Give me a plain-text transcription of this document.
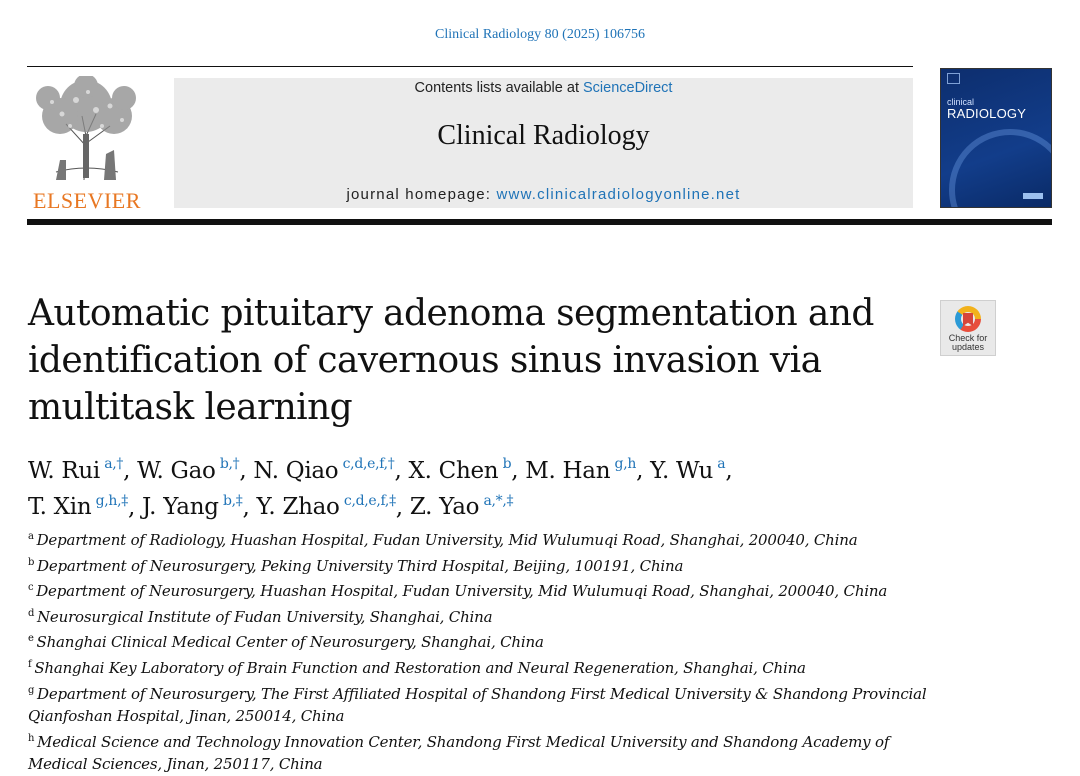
Clinical Radiology 80 (2025) 106756
ELSEVIER
Contents lists available at ScienceDirect
Clinical Radiology
journal homepage: www.clinicalradiologyonline.net
clinical
RADIOLOGY
Automatic pituitary adenoma segmentation and identification of cavernous sinus invasion via multitask learning
Check for
updates
W. Rui  $^{a,\dagger}$, W. Gao  $^{b,\dagger}$, N. Qiao  $^{c,d,e,f,\dagger}$, X. Chen  $^b$, M. Han  $^{g,h}$, Y. Wu  $^a$,
T. Xin  $^{g,h,\ddagger}$, J. Yang  $^{b,\ddagger}$, Y. Zhao  $^{c,d,e,f,\ddagger}$, Z. Yao  $^{a,*,\ddagger}$
$^a$  Department of Radiology, Huashan Hospital, Fudan University, Mid Wulumuqi Road, Shanghai, 200040, China
$^b$  Department of Neurosurgery, Peking University Third Hospital, Beijing, 100191, China
$^c$  Department of Neurosurgery, Huashan Hospital, Fudan University, Mid Wulumuqi Road, Shanghai, 200040, China
$^d$  Neurosurgical Institute of Fudan University, Shanghai, China
$^e$  Shanghai Clinical Medical Center of Neurosurgery, Shanghai, China
$^f$  Shanghai Key Laboratory of Brain Function and Restoration and Neural Regeneration, Shanghai, China
$^g$  Department of Neurosurgery, The First Affiliated Hospital of Shandong First Medical University & Shandong Provincial Qianfoshan Hospital, Jinan, 250014, China
$^h$  Medical Science and Technology Innovation Center, Shandong First Medical University and Shandong Academy of Medical Sciences, Jinan, 250117, China
